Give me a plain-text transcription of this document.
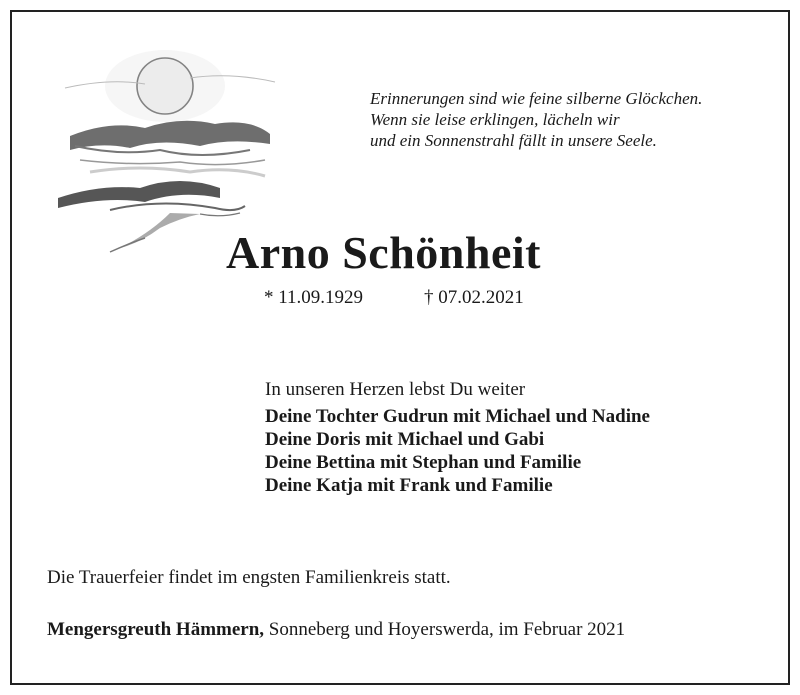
Erinnerungen sind wie feine silberne Glöckchen.
Wenn sie leise erklingen, lächeln wir
und ein Sonnenstrahl fällt in unsere Seele.
Arno Schönheit
* 11.09.1929	† 07.02.2021
In unseren Herzen lebst Du weiter
Deine Tochter Gudrun mit Michael und Nadine
Deine Doris mit Michael und Gabi
Deine Bettina mit Stephan und Familie
Deine Katja mit Frank und Familie
Die Trauerfeier findet im engsten Familienkreis statt.
Mengersgreuth Hämmern, Sonneberg und Hoyerswerda, im Februar 2021
